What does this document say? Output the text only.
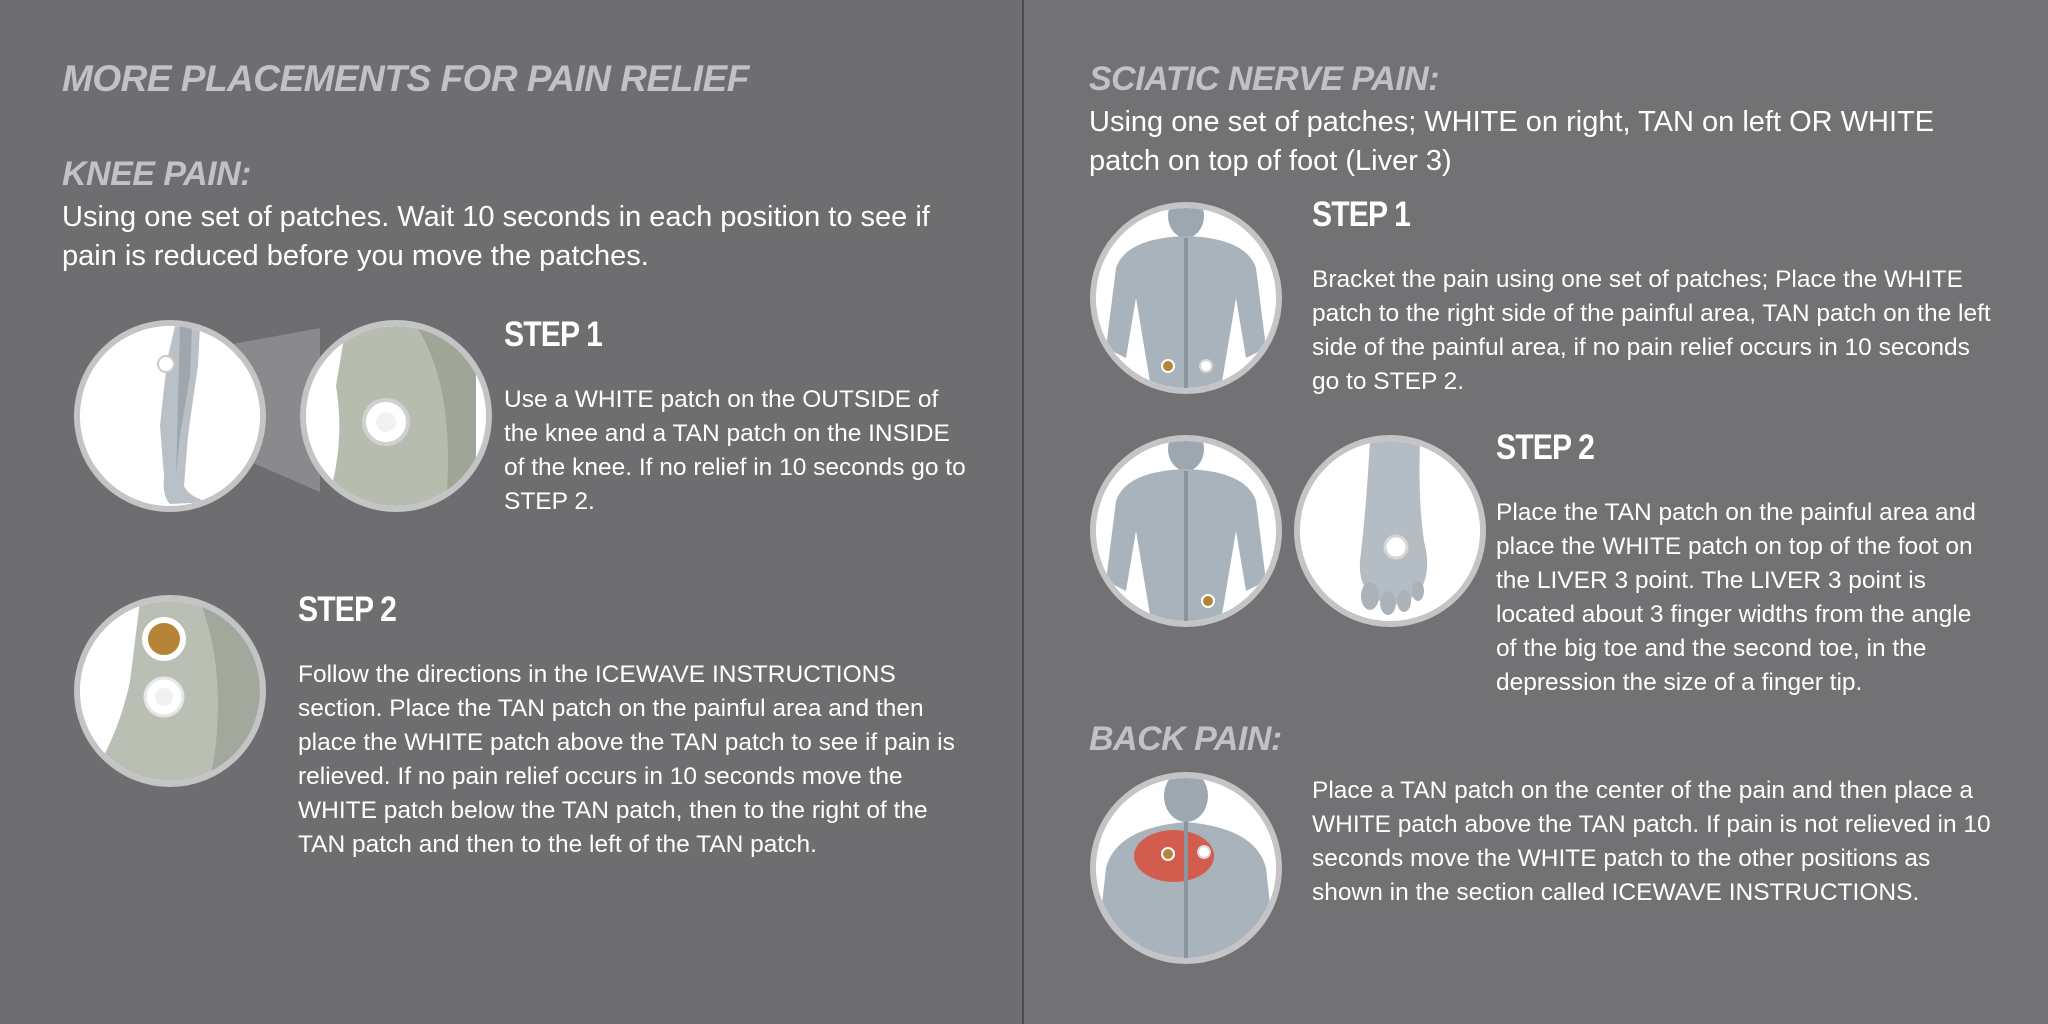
MORE PLACEMENTS FOR PAIN RELIEF
KNEE PAIN:

Using one set of patches. Wait 10 seconds in each position to see if pain is reduced before you move the patches.

STEP 1

Use a WHITE patch on the OUTSIDE of the knee and a TAN patch on the INSIDE of the knee. If no relief in 10 seconds go to STEP 2.

STEP 2

Follow the directions in the ICEWAVE INSTRUCTIONS section. Place the TAN patch on the painful area and then place the WHITE patch above the TAN patch to see if pain is relieved. If no pain relief occurs in 10 seconds move the WHITE patch below the TAN patch, then to the right of the TAN patch and then to the left of the TAN patch.

SCIATIC NERVE PAIN:

Using one set of patches; WHITE on right, TAN on left OR WHITE patch on top of foot (Liver 3)

STEP 1

Bracket the pain using one set of patches; Place the WHITE patch to the right side of the painful area, TAN patch on the left side of the painful area, if no pain relief occurs in 10 seconds go to STEP 2.

STEP 2

Place the TAN patch on the painful area and place the WHITE patch on top of the foot on the LIVER 3 point. The LIVER 3 point is located about 3 finger widths from the angle of the big toe and the second toe, in the depression the size of a finger tip.

BACK PAIN:

Place a TAN patch on the center of the pain and then place a WHITE patch above the TAN patch. If pain is not relieved in 10 seconds move the WHITE patch to the other positions as shown in the section called ICEWAVE INSTRUCTIONS.
